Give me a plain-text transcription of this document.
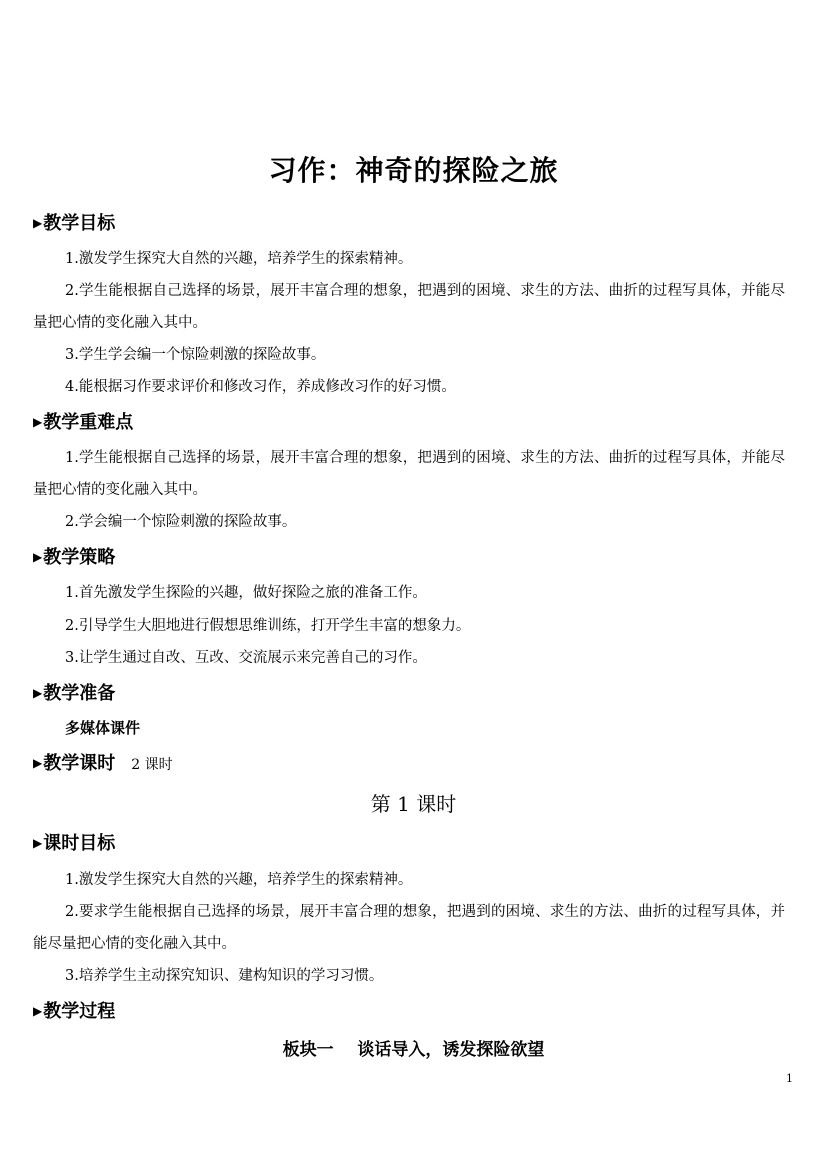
习作：神奇的探险之旅
▶教学目标
1.激发学生探究大自然的兴趣，培养学生的探索精神。
2.学生能根据自己选择的场景，展开丰富合理的想象，把遇到的困境、求生的方法、曲折的过程写具体，并能尽量把心情的变化融入其中。
3.学生学会编一个惊险刺激的探险故事。
4.能根据习作要求评价和修改习作，养成修改习作的好习惯。
▶教学重难点
1.学生能根据自己选择的场景，展开丰富合理的想象，把遇到的困境、求生的方法、曲折的过程写具体，并能尽量把心情的变化融入其中。
2.学会编一个惊险刺激的探险故事。
▶教学策略
1.首先激发学生探险的兴趣，做好探险之旅的准备工作。
2.引导学生大胆地进行假想思维训练，打开学生丰富的想象力。
3.让学生通过自改、互改、交流展示来完善自己的习作。
▶教学准备
多媒体课件
▶教学课时 2 课时
第 1 课时
▶课时目标
1.激发学生探究大自然的兴趣，培养学生的探索精神。
2.要求学生能根据自己选择的场景，展开丰富合理的想象，把遇到的困境、求生的方法、曲折的过程写具体，并能尽量把心情的变化融入其中。
3.培养学生主动探究知识、建构知识的学习习惯。
▶教学过程
板块一    谈话导入，诱发探险欲望
1
